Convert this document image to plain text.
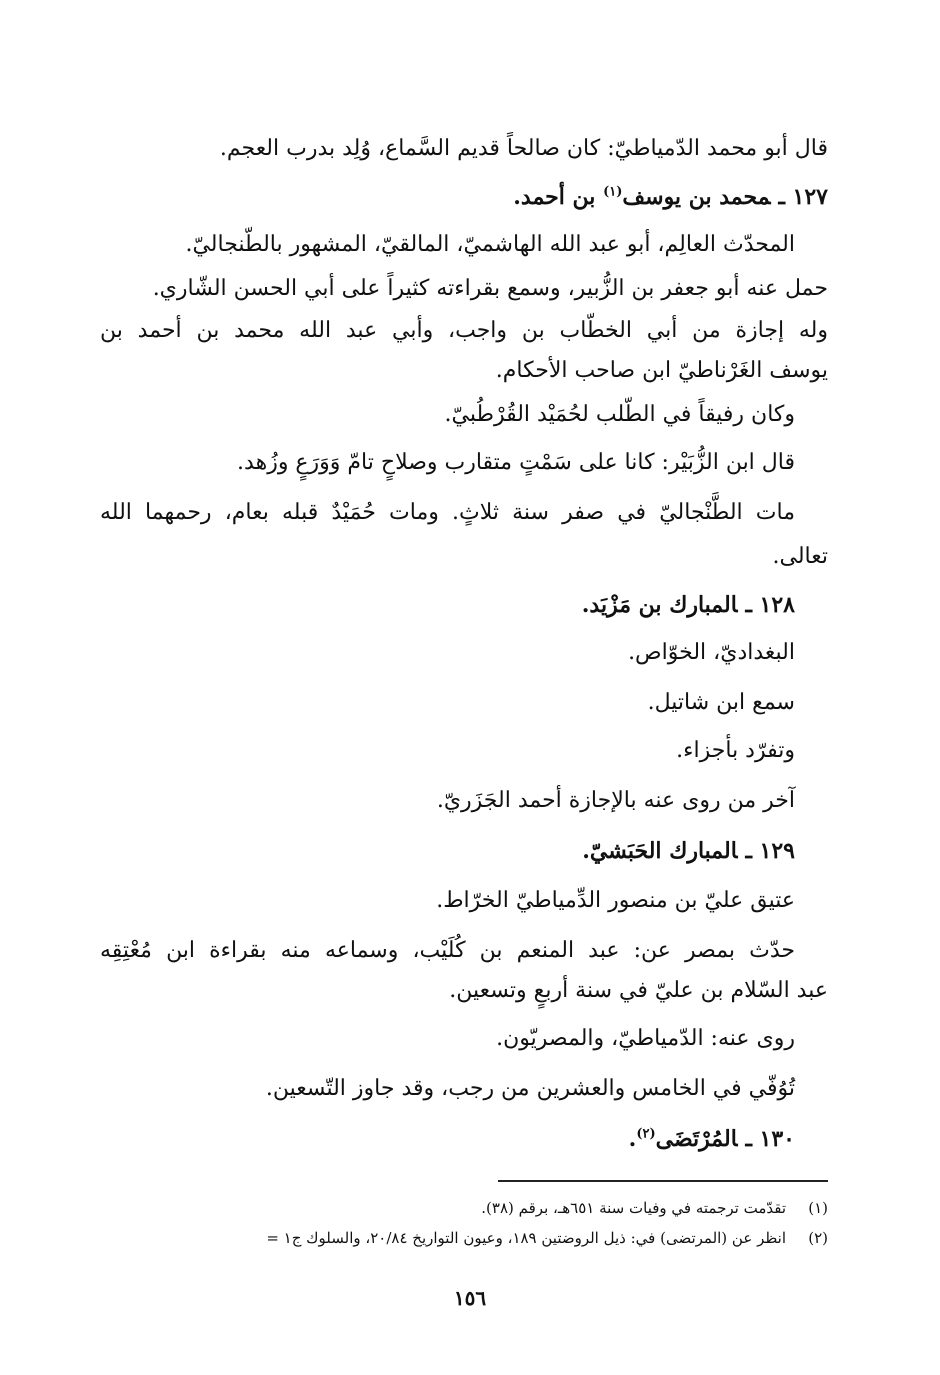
قال أبو محمد الدّمياطيّ: كان صالحاً قديم السَّماع، وُلِد بدرب العجم.
١٢٧ ـمحمد بن يوسف$^{(١)}$ بن أحمد.
المحدّث العالِم، أبو عبد الله الهاشميّ، المالقيّ، المشهور بالطّنجاليّ.
حمل عنه أبو جعفر بن الزُّبير، وسمع بقراءته كثيراً على أبي الحسن الشّاري.
وله إجازة من أبي الخطّاب بن واجب، وأبي عبد الله محمد بن أحمد بن
يوسف الغَرْناطيّ ابن صاحب الأحكام.
وكان رفيقاً في الطّلب لحُمَيْد القُرْطُبيّ.
قال ابن الزُّبَيْر: كانا على سَمْتٍ متقارب وصلاحٍ تامّ وَوَرَعٍ وزُهد.
مات الطَّنْجاليّ في صفر سنة ثلاثٍ. ومات حُمَيْدٌ قبله بعام، رحمهما الله
تعالى.
١٢٨ ـالمبارك بن مَزْيَد.
البغداديّ، الخوّاص.
سمع ابن شاتيل.
وتفرّد بأجزاء.
آخر من روى عنه بالإجازة أحمد الجَزَريّ.
١٢٩ ـالمبارك الحَبَشيّ.
عتيق عليّ بن منصور الدِّمياطيّ الخرّاط.
حدّث بمصر عن: عبد المنعم بن كُلَيْب، وسماعه منه بقراءة ابن مُعْتِقِه
عبد السّلام بن عليّ في سنة أربعٍ وتسعين.
روى عنه: الدّمياطيّ، والمصريّون.
تُوُفّي في الخامس والعشرين من رجب، وقد جاوز التّسعين.
١٣٠ ـالمُرْتَضَى$^{(٢)}$.
(١)تقدّمت ترجمته في وفيات سنة ٦٥١هـ، برقم (٣٨).
(٢)انظر عن (المرتضى) في: ذيل الروضتين ١٨٩، وعيون التواريخ ٢٠/٨٤، والسلوك ج١ =
١٥٦
